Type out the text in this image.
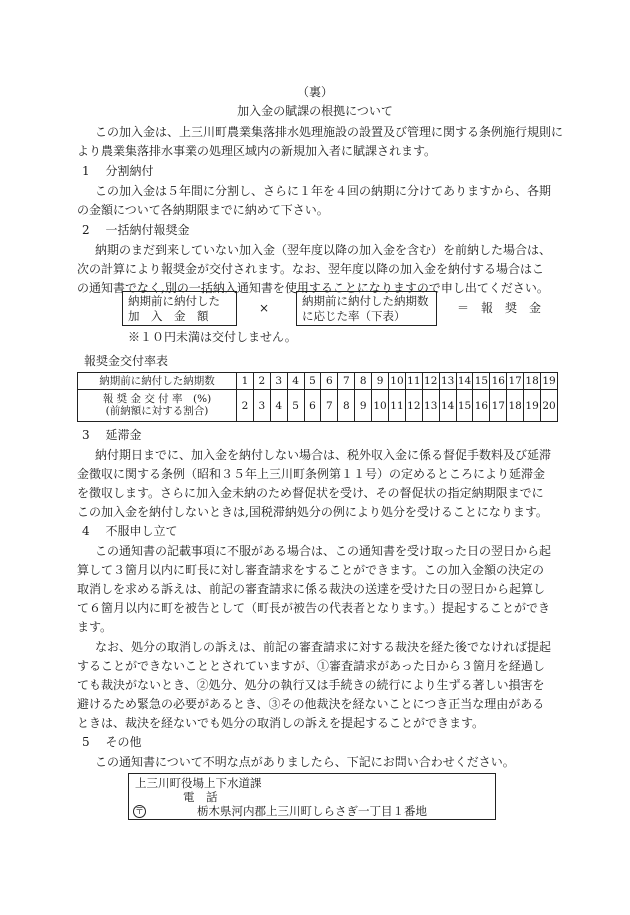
（裏）
加入金の賦課の根拠について
この加入金は、上三川町農業集落排水処理施設の設置及び管理に関する条例施行規則に
より農業集落排水事業の処理区域内の新規加入者に賦課されます。
1　 分割納付
この加入金は５年間に分割し、さらに１年を４回の納期に分けてありますから、各期
の金額について各納期限までに納めて下さい。
2　 一括納付報奨金
納期のまだ到来していない加入金（翌年度以降の加入金を含む）を前納した場合は、
次の計算により報奨金が交付されます。なお、翌年度以降の加入金を納付する場合はこ
の通知書でなく,別の一括納入通知書を使用することになりますので申し出てください。
納期前に納付した
加　入　金　額
×	納期前に納付した納期数
に応じた率（下表）
＝　報　奨　金
※１０円未満は交付しません。
報奨金交付率表
納期前に納付した納期数	1	2	3	4	5	6	7	8	9	10	11	12	13	14	15	16	17	18	19

報 奨 金 交 付 率　(%)
(前納額に対する割合)	2	3	4	5	6	7	8	9	10	11	12	13	14	15	16	17	18	19	20
3　 延滞金
納付期日までに、加入金を納付しない場合は、税外収入金に係る督促手数料及び延滞
金徴収に関する条例（昭和３５年上三川町条例第１１号）の定めるところにより延滞金
を徴収します。さらに加入金未納のため督促状を受け、その督促状の指定納期限までに
この加入金を納付しないときは,国税滞納処分の例により処分を受けることになります。
4　 不服申し立て
この通知書の記載事項に不服がある場合は、この通知書を受け取った日の翌日から起
算して３箇月以内に町長に対し審査請求をすることができます。この加入金額の決定の
取消しを求める訴えは、前記の審査請求に係る裁決の送達を受けた日の翌日から起算し
て６箇月以内に町を被告として（町長が被告の代表者となります。）提起することができ
ます。
なお、処分の取消しの訴えは、前記の審査請求に対する裁決を経た後でなければ提起
することができないこととされていますが、①審査請求があった日から３箇月を経過し
ても裁決がないとき、②処分、処分の執行又は手続きの続行により生ずる著しい損害を
避けるため緊急の必要があるとき、③その他裁決を経ないことにつき正当な理由がある
ときは、裁決を経ないでも処分の取消しの訴えを提起することができます。
5　 その他
この通知書について不明な点がありましたら、下記にお問い合わせください。
上三川町役場上下水道課
電　話
〒	栃木県河内郡上三川町しらさぎ一丁目１番地
